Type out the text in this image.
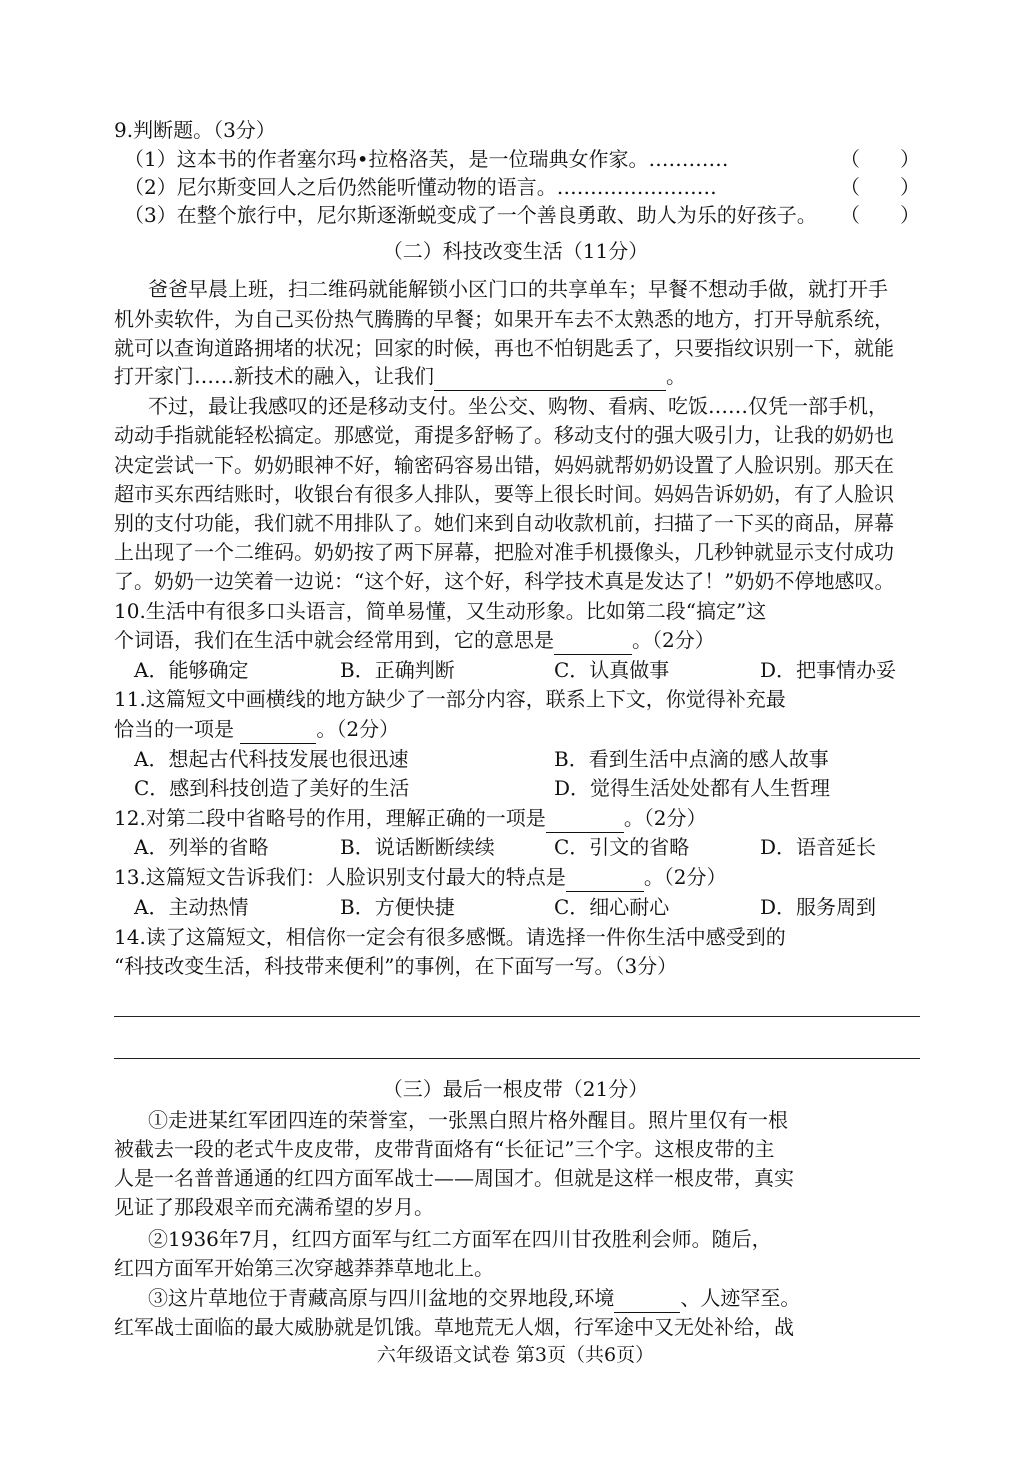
9.判断题。（3分）
（1）这本书的作者塞尔玛•拉格洛芙，是一位瑞典女作家。…………	（　　）
（2）尼尔斯变回人之后仍然能听懂动物的语言。……………………	（　　）
（3）在整个旅行中，尼尔斯逐渐蜕变成了一个善良勇敢、助人为乐的好孩子。 （　　）
（二）科技改变生活（11分）
爸爸早晨上班，扫二维码就能解锁小区门口的共享单车；早餐不想动手做，就打开手
机外卖软件，为自己买份热气腾腾的早餐；如果开车去不太熟悉的地方，打开导航系统，
就可以查询道路拥堵的状况；回家的时候，再也不怕钥匙丢了，只要指纹识别一下，就能
打开家门……新技术的融入，让我们	。
不过，最让我感叹的还是移动支付。坐公交、购物、看病、吃饭……仅凭一部手机，
动动手指就能轻松搞定。那感觉，甭提多舒畅了。移动支付的强大吸引力，让我的奶奶也
决定尝试一下。奶奶眼神不好，输密码容易出错，妈妈就帮奶奶设置了人脸识别。那天在
超市买东西结账时，收银台有很多人排队，要等上很长时间。妈妈告诉奶奶，有了人脸识
别的支付功能，我们就不用排队了。她们来到自动收款机前，扫描了一下买的商品，屏幕
上出现了一个二维码。奶奶按了两下屏幕，把脸对准手机摄像头，几秒钟就显示支付成功
了。奶奶一边笑着一边说：“这个好，这个好，科学技术真是发达了！”奶奶不停地感叹。
10.生活中有很多口头语言，简单易懂，又生动形象。比如第二段“搞定”这
个词语，我们在生活中就会经常用到，它的意思是	。（2分）
A．能够确定	B．正确判断	C．认真做事	D．把事情办妥
11.这篇短文中画横线的地方缺少了一部分内容，联系上下文，你觉得补充最
恰当的一项是	。（2分）
A．想起古代科技发展也很迅速	B．看到生活中点滴的感人故事
C．感到科技创造了美好的生活	D．觉得生活处处都有人生哲理
12.对第二段中省略号的作用，理解正确的一项是	。（2分）
A．列举的省略	B．说话断断续续	C．引文的省略	D．语音延长
13.这篇短文告诉我们：人脸识别支付最大的特点是	。（2分）
A．主动热情	B．方便快捷	C．细心耐心	D．服务周到
14.读了这篇短文，相信你一定会有很多感慨。请选择一件你生活中感受到的
“科技改变生活，科技带来便利”的事例，在下面写一写。（3分）
（三）最后一根皮带（21分）
①走进某红军团四连的荣誉室，一张黑白照片格外醒目。照片里仅有一根
被截去一段的老式牛皮皮带，皮带背面烙有“长征记”三个字。这根皮带的主
人是一名普普通通的红四方面军战士——周国才。但就是这样一根皮带，真实
见证了那段艰辛而充满希望的岁月。
②1936年7月，红四方面军与红二方面军在四川甘孜胜利会师。随后，
红四方面军开始第三次穿越莽莽草地北上。
③这片草地位于青藏高原与四川盆地的交界地段,环境	、人迹罕至。
红军战士面临的最大威胁就是饥饿。草地荒无人烟，行军途中又无处补给，战
六年级语文试卷 第3页（共6页）
